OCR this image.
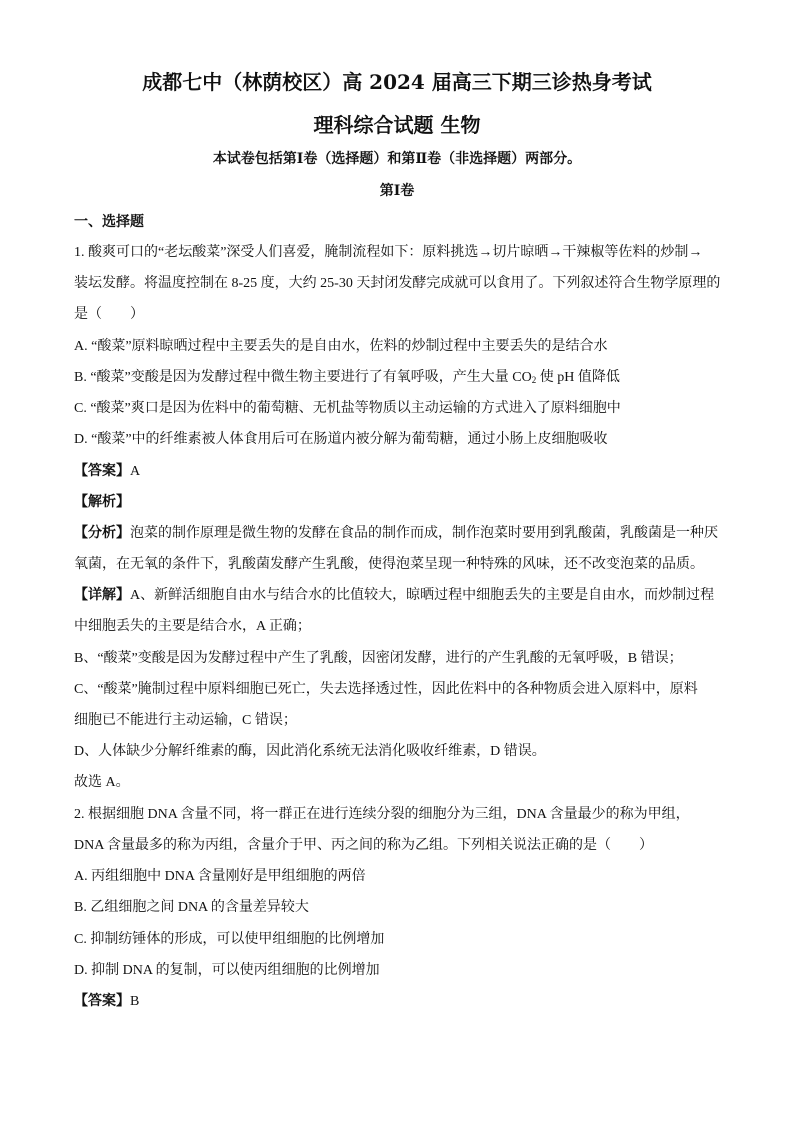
成都七中（林荫校区）高 2024 届高三下期三诊热身考试
理科综合试题 生物
本试卷包括第Ⅰ卷（选择题）和第Ⅱ卷（非选择题）两部分。
第Ⅰ卷
一、选择题
1. 酸爽可口的“老坛酸菜”深受人们喜爱，腌制流程如下：原料挑选→切片晾晒→干辣椒等佐料的炒制→
装坛发酵。将温度控制在 8-25 度，大约 25-30 天封闭发酵完成就可以食用了。下列叙述符合生物学原理的
是（　　）
A. “酸菜”原料晾晒过程中主要丢失的是自由水，佐料的炒制过程中主要丢失的是结合水
B. “酸菜”变酸是因为发酵过程中微生物主要进行了有氧呼吸，产生大量 $CO_2$ 使 pH 值降低
C. “酸菜”爽口是因为佐料中的葡萄糖、无机盐等物质以主动运输的方式进入了原料细胞中
D. “酸菜”中的纤维素被人体食用后可在肠道内被分解为葡萄糖，通过小肠上皮细胞吸收
【答案】A
【解析】
【分析】泡菜的制作原理是微生物的发酵在食品的制作而成，制作泡菜时要用到乳酸菌，乳酸菌是一种厌
氧菌，在无氧的条件下，乳酸菌发酵产生乳酸，使得泡菜呈现一种特殊的风味，还不改变泡菜的品质。
【详解】A、新鲜活细胞自由水与结合水的比值较大，晾晒过程中细胞丢失的主要是自由水，而炒制过程
中细胞丢失的主要是结合水，A 正确；
B、“酸菜”变酸是因为发酵过程中产生了乳酸，因密闭发酵，进行的产生乳酸的无氧呼吸，B 错误；
C、“酸菜”腌制过程中原料细胞已死亡，失去选择透过性，因此佐料中的各种物质会进入原料中，原料
细胞已不能进行主动运输，C 错误；
D、人体缺少分解纤维素的酶，因此消化系统无法消化吸收纤维素，D 错误。
故选 A。
2. 根据细胞 DNA 含量不同，将一群正在进行连续分裂的细胞分为三组，DNA 含量最少的称为甲组，
DNA 含量最多的称为丙组，含量介于甲、丙之间的称为乙组。下列相关说法正确的是（　　）
A. 丙组细胞中 DNA 含量刚好是甲组细胞的两倍
B. 乙组细胞之间 DNA 的含量差异较大
C. 抑制纺锤体的形成，可以使甲组细胞的比例增加
D. 抑制 DNA 的复制，可以使丙组细胞的比例增加
【答案】B
